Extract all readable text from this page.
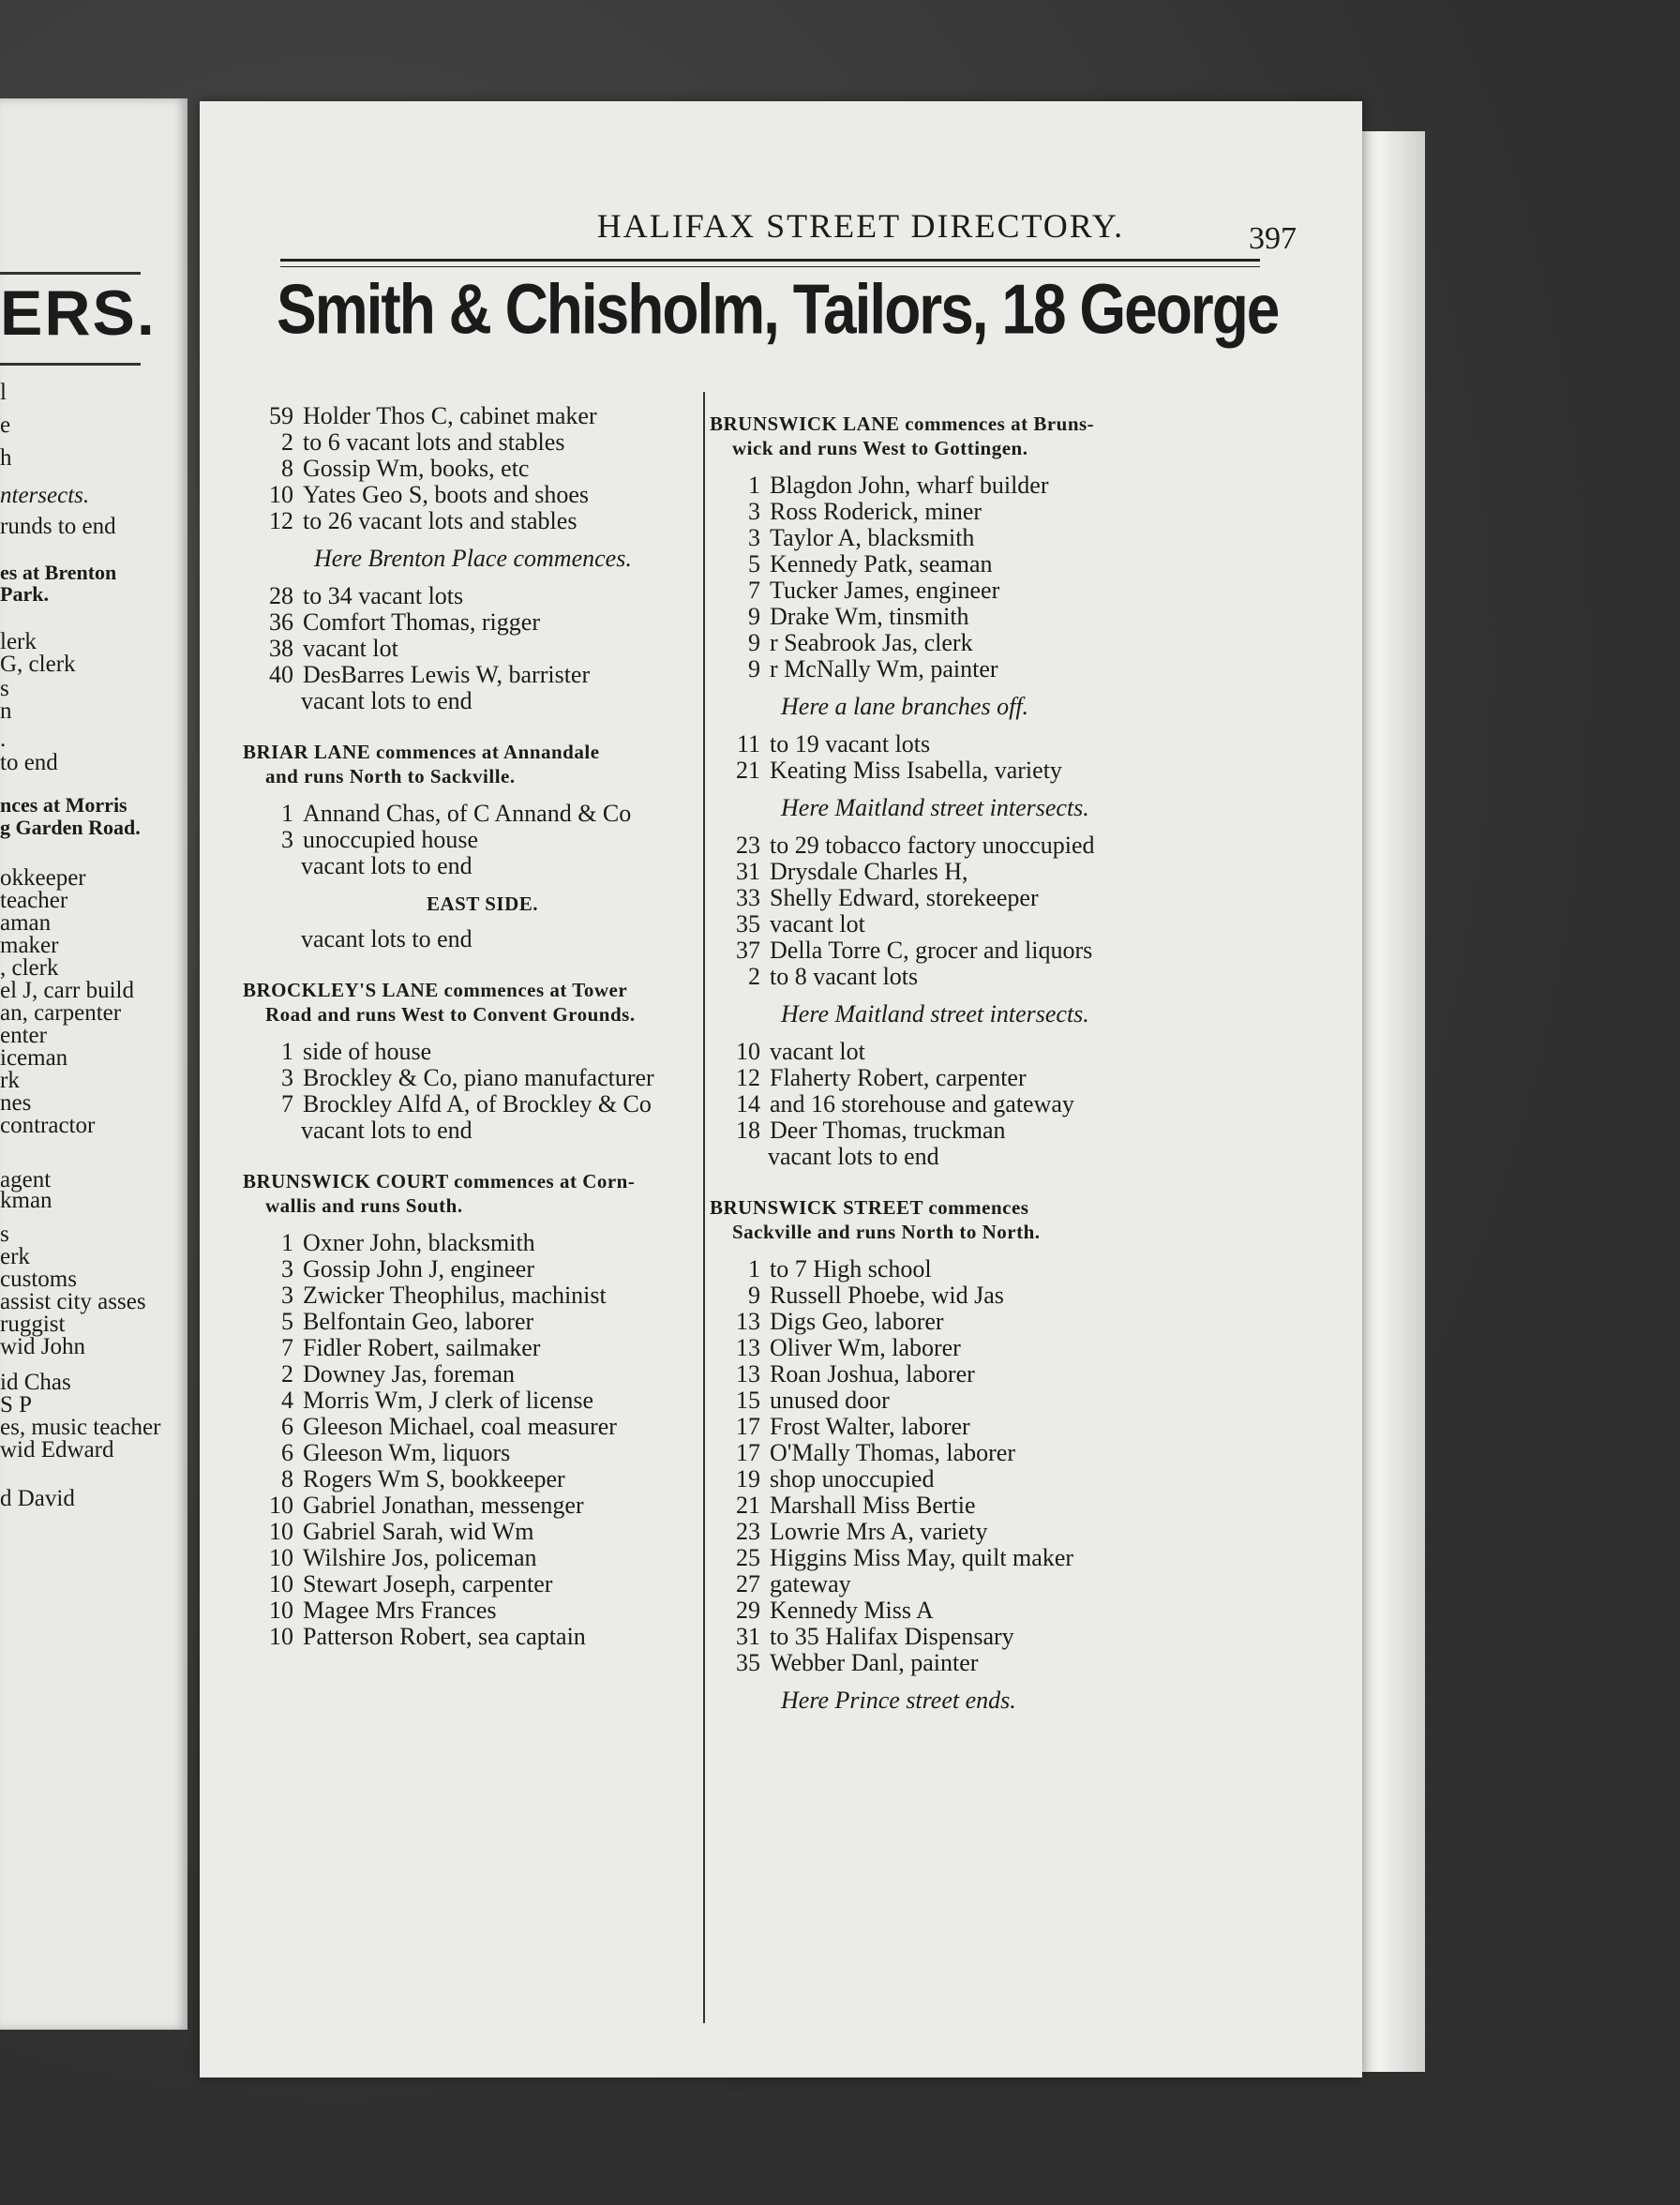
ERS.
l
e
h
ntersects.
runds to end
es at Brenton
Park.
lerk
G, clerk
s
n
.
to end
nces at Morris
g Garden Road.
okkeeper
teacher
aman
maker
, clerk
el J, carr build
an, carpenter
enter
iceman
rk
nes
contractor
agent
kman
s
erk
customs
assist city asses
ruggist
wid John
id Chas
S P
es, music teacher
wid Edward
d David
HALIFAX STREET DIRECTORY.	397
Smith & Chisholm, Tailors, 18 George
59 Holder Thos C, cabinet maker
2 to 6 vacant lots and stables
8 Gossip Wm, books, etc
10 Yates Geo S, boots and shoes
12 to 26 vacant lots and stables
Here Brenton Place commences.
28 to 34 vacant lots
36 Comfort Thomas, rigger
38 vacant lot
40 DesBarres Lewis W, barrister
vacant lots to end
BRIAR LANE commences at Annandale
and runs North to Sackville.
1 Annand Chas, of C Annand & Co
3 unoccupied house
vacant lots to end
EAST SIDE.
vacant lots to end
BROCKLEY'S LANE commences at Tower
Road and runs West to Convent Grounds.
1 side of house
3 Brockley & Co, piano manufacturer
7 Brockley Alfd A, of Brockley & Co
vacant lots to end
BRUNSWICK COURT commences at Corn-
wallis and runs South.
1 Oxner John, blacksmith
3 Gossip John J, engineer
3 Zwicker Theophilus, machinist
5 Belfontain Geo, laborer
7 Fidler Robert, sailmaker
2 Downey Jas, foreman
4 Morris Wm, J clerk of license
6 Gleeson Michael, coal measurer
6 Gleeson Wm, liquors
8 Rogers Wm S, bookkeeper
10 Gabriel Jonathan, messenger
10 Gabriel Sarah, wid Wm
10 Wilshire Jos, policeman
10 Stewart Joseph, carpenter
10 Magee Mrs Frances
10 Patterson Robert, sea captain
BRUNSWICK LANE commences at Bruns-
wick and runs West to Gottingen.
1 Blagdon John, wharf builder
3 Ross Roderick, miner
3 Taylor A, blacksmith
5 Kennedy Patk, seaman
7 Tucker James, engineer
9 Drake Wm, tinsmith
9 r Seabrook Jas, clerk
9 r McNally Wm, painter
Here a lane branches off.
11 to 19 vacant lots
21 Keating Miss Isabella, variety
Here Maitland street intersects.
23 to 29 tobacco factory unoccupied
31 Drysdale Charles H,
33 Shelly Edward, storekeeper
35 vacant lot
37 Della Torre C, grocer and liquors
2 to 8 vacant lots
Here Maitland street intersects.
10 vacant lot
12 Flaherty Robert, carpenter
14 and 16 storehouse and gateway
18 Deer Thomas, truckman
vacant lots to end
BRUNSWICK STREET commences
Sackville and runs North to North.
1 to 7 High school
9 Russell Phoebe, wid Jas
13 Digs Geo, laborer
13 Oliver Wm, laborer
13 Roan Joshua, laborer
15 unused door
17 Frost Walter, laborer
17 O'Mally Thomas, laborer
19 shop unoccupied
21 Marshall Miss Bertie
23 Lowrie Mrs A, variety
25 Higgins Miss May, quilt maker
27 gateway
29 Kennedy Miss A
31 to 35 Halifax Dispensary
35 Webber Danl, painter
Here Prince street ends.
